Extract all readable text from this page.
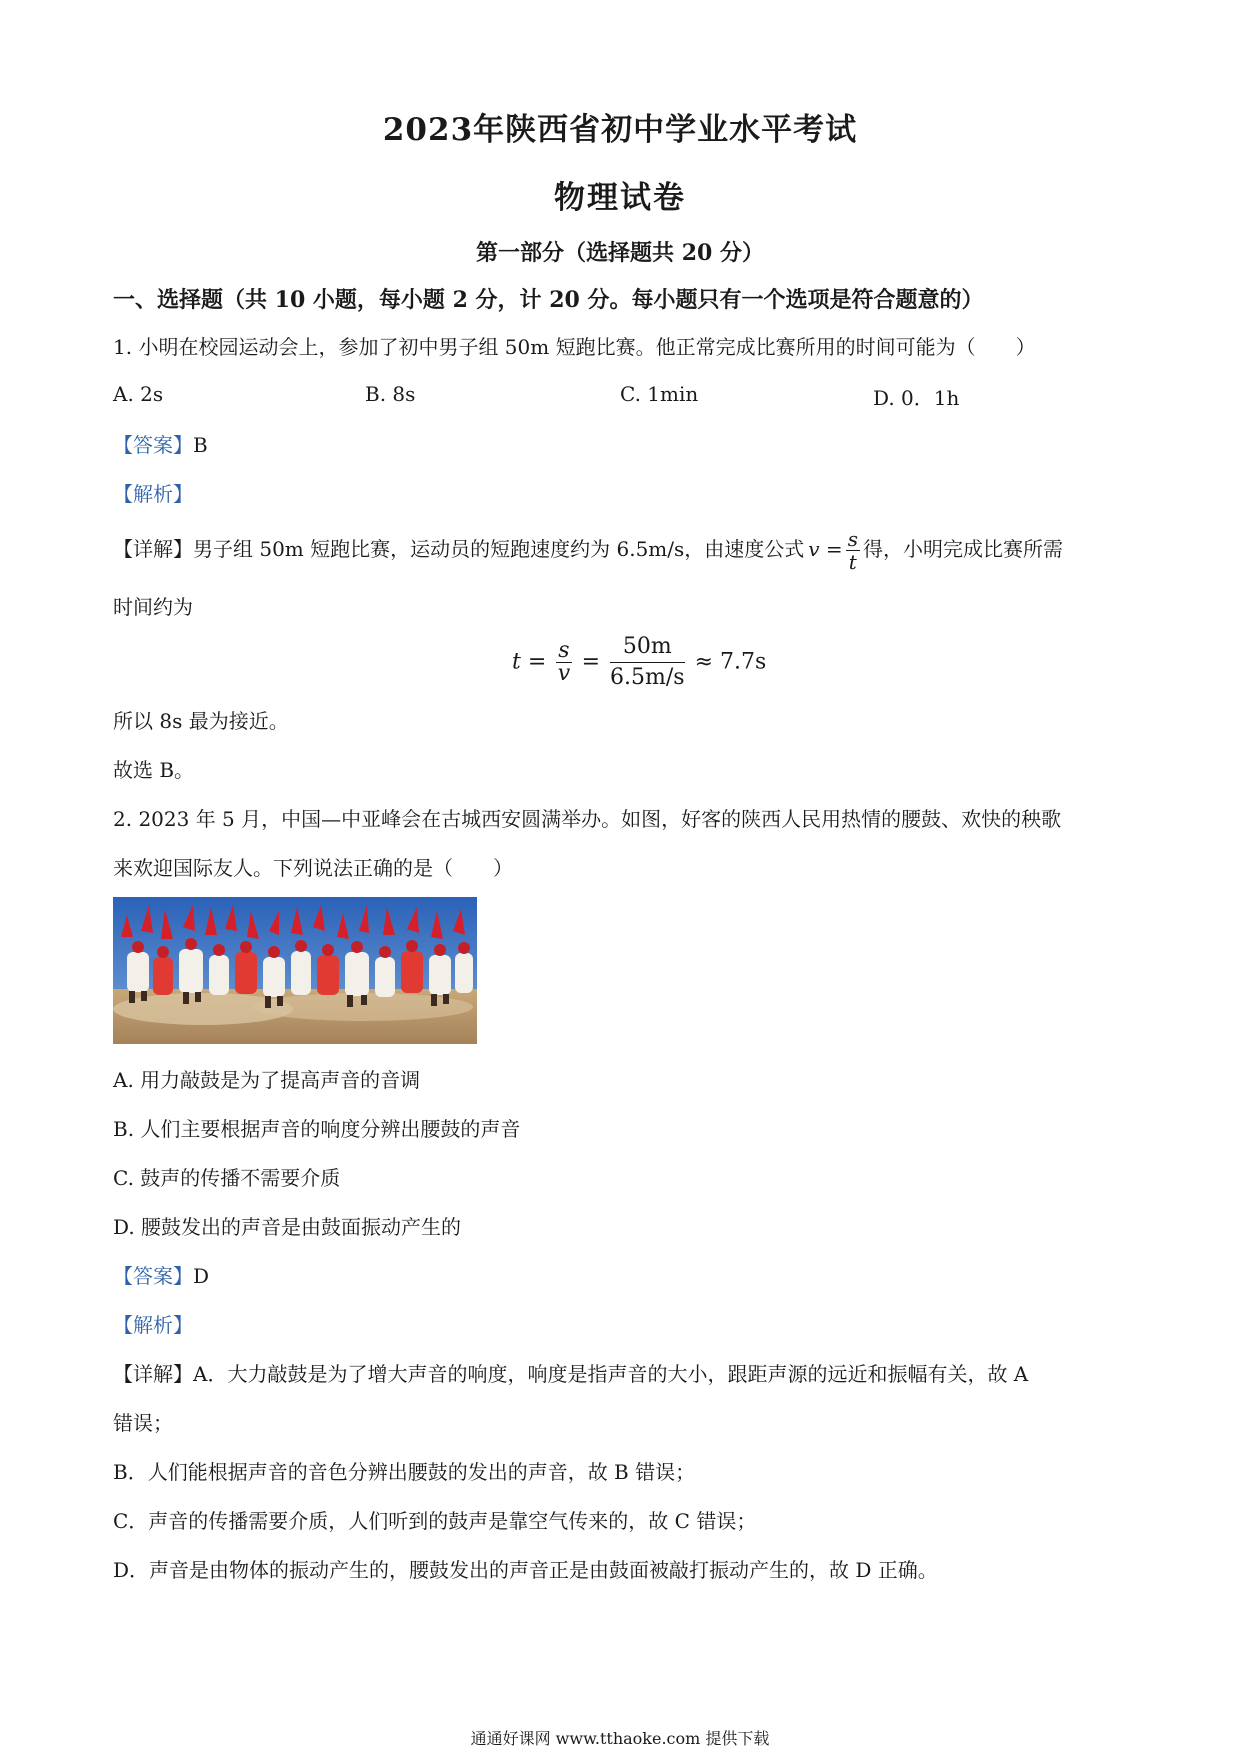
2023年陕西省初中学业水平考试
物理试卷
第一部分（选择题共 20 分）
一、选择题（共 10 小题，每小题 2 分，计 20 分。每小题只有一个选项是符合题意的）
1. 小明在校园运动会上，参加了初中男子组 50m 短跑比赛。他正常完成比赛所用的时间可能为（　　）
A. 2s	B. 8s	C. 1min	D. 0．1h
【答案】B
【解析】
【详解】男子组 50m 短跑比赛，运动员的短跑速度约为 6.5m/s，由速度公式 $v = \frac{s}{t}$ 得，小明完成比赛所需
时间约为
$t = \frac{s}{v} = \frac{50m}{6.5m/s} \approx 7.7s$
所以 8s 最为接近。
故选 B。
2. 2023 年 5 月，中国—中亚峰会在古城西安圆满举办。如图，好客的陕西人民用热情的腰鼓、欢快的秧歌
来欢迎国际友人。下列说法正确的是（　　）
A. 用力敲鼓是为了提高声音的音调
B. 人们主要根据声音的响度分辨出腰鼓的声音
C. 鼓声的传播不需要介质
D. 腰鼓发出的声音是由鼓面振动产生的
【答案】D
【解析】
【详解】A．大力敲鼓是为了增大声音的响度，响度是指声音的大小，跟距声源的远近和振幅有关，故 A
错误；
B．人们能根据声音的音色分辨出腰鼓的发出的声音，故 B 错误；
C．声音的传播需要介质，人们听到的鼓声是靠空气传来的，故 C 错误；
D．声音是由物体的振动产生的，腰鼓发出的声音正是由鼓面被敲打振动产生的，故 D 正确。
通通好课网 www.tthaoke.com 提供下载
